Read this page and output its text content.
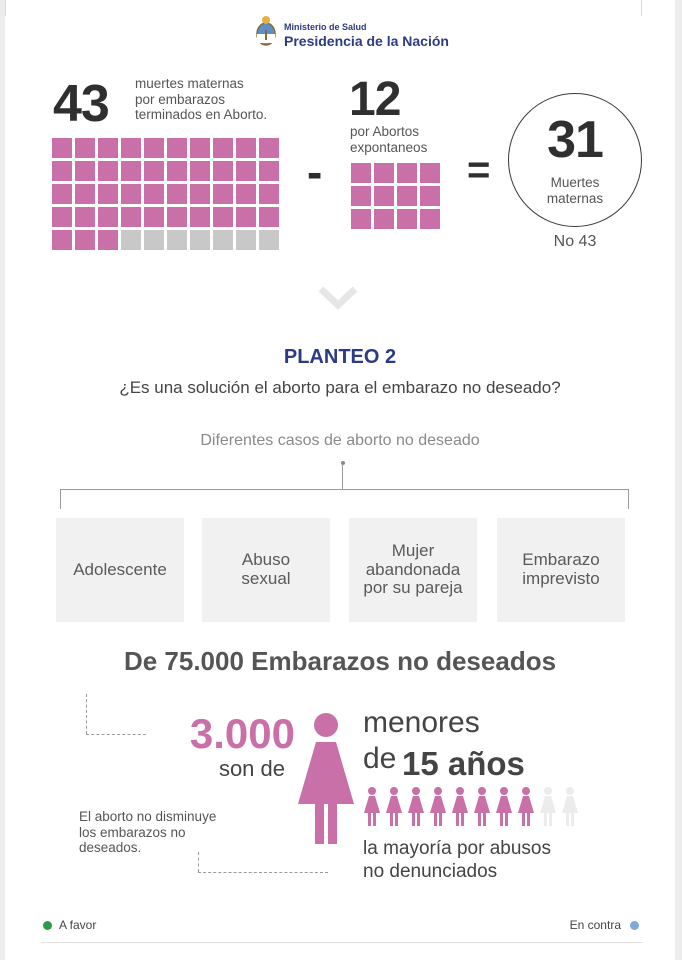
Ministerio de Salud
Presidencia de la Nación
43 muertes maternas
por embarazos
terminados en Aborto.
-
12
por Abortos
expontaneos
=
31
Muertes
maternas
No 43
PLANTEO 2
¿Es una solución el aborto para el embarazo no deseado?
Diferentes casos de aborto no deseado
Adolescente	Abuso
sexual
Mujer
abandonada
por su pareja
Embarazo
imprevisto
De 75.000 Embarazos no deseados
3.000
son de
menores
de 15 años
El aborto no disminuye
los embarazos no
deseados.	la mayoría por abusos
no denunciados
A favor	En contra
